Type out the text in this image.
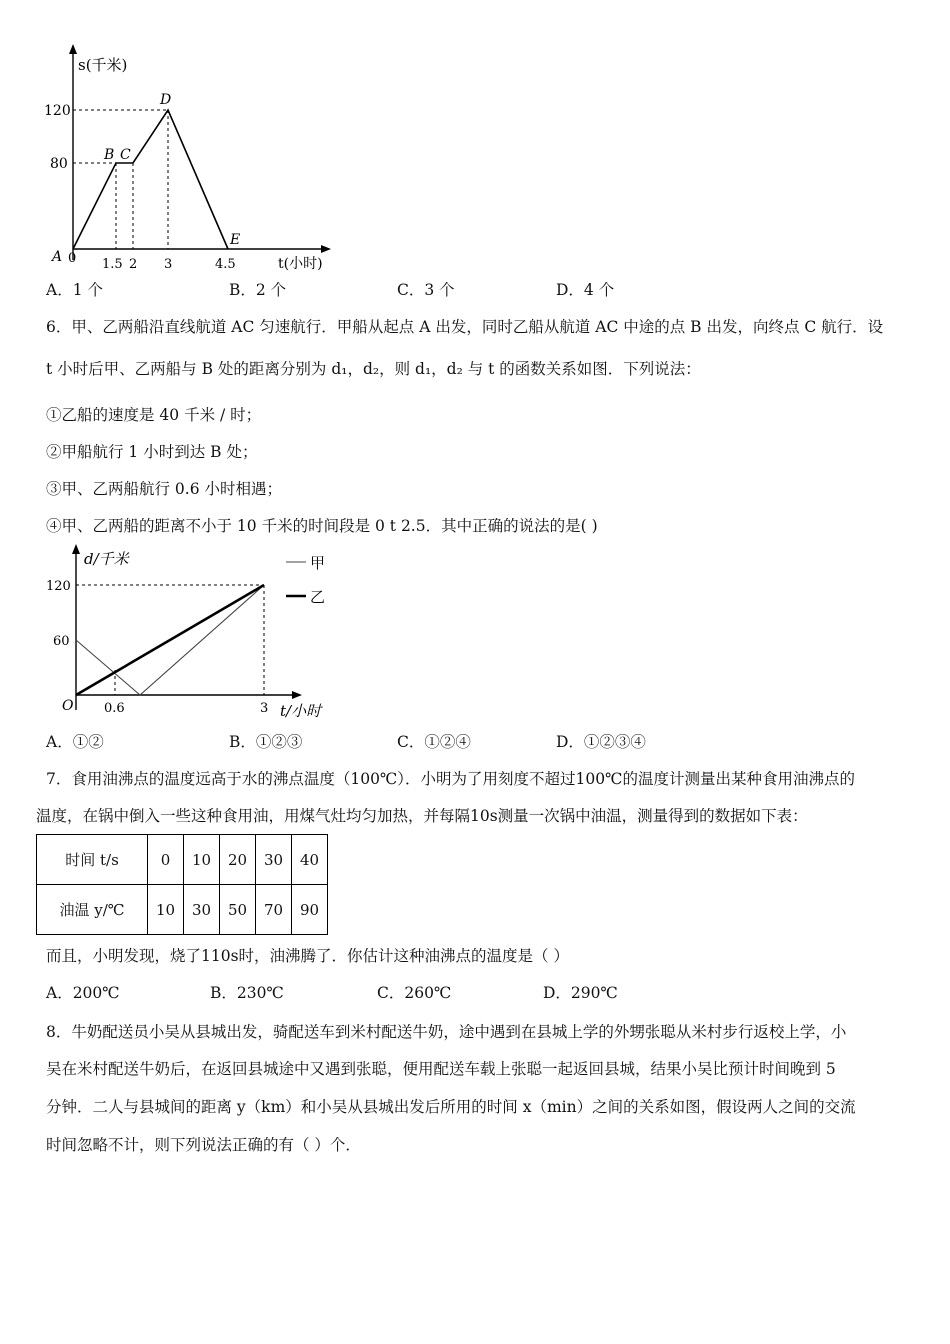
s(千米)
120
80
A 0
B C
D
E
1.5 2 3	4.5	t(小时)
A．1 个	B．2 个	C．3 个	D．4 个
6．甲、乙两船沿直线航道 AC 匀速航行．甲船从起点 A 出发，同时乙船从航道 AC 中途的点 B 出发，向终点 C 航行．设
t 小时后甲、乙两船与 B 处的距离分别为 d₁，d₂，则 d₁，d₂ 与 t 的函数关系如图．下列说法：
①乙船的速度是 40 千米 / 时；
②甲船航行 1 小时到达 B 处；
③甲、乙两船航行 0.6 小时相遇；
④甲、乙两船的距离不小于 10 千米的时间段是 0 t 2.5．其中正确的说法的是( )
甲
乙
d/千米
120
60
O 0.6	3 t/小时
A．①②	B．①②③	C．①②④	D．①②③④
7．食用油沸点的温度远高于水的沸点温度（100℃）．小明为了用刻度不超过100℃的温度计测量出某种食用油沸点的
温度，在锅中倒入一些这种食用油，用煤气灶均匀加热，并每隔10s测量一次锅中油温，测量得到的数据如下表：
时间 t/s	0	10	20	30	40
油温 y/℃	10	30	50	70	90
而且，小明发现，烧了110s时，油沸腾了．你估计这种油沸点的温度是（ ）
A．200℃	B．230℃	C．260℃	D．290℃
8．牛奶配送员小吴从县城出发，骑配送车到米村配送牛奶，途中遇到在县城上学的外甥张聪从米村步行返校上学，小
吴在米村配送牛奶后，在返回县城途中又遇到张聪，便用配送车载上张聪一起返回县城，结果小吴比预计时间晚到 5
分钟．二人与县城间的距离 y（km）和小吴从县城出发后所用的时间 x（min）之间的关系如图，假设两人之间的交流
时间忽略不计，则下列说法正确的有（ ）个．
